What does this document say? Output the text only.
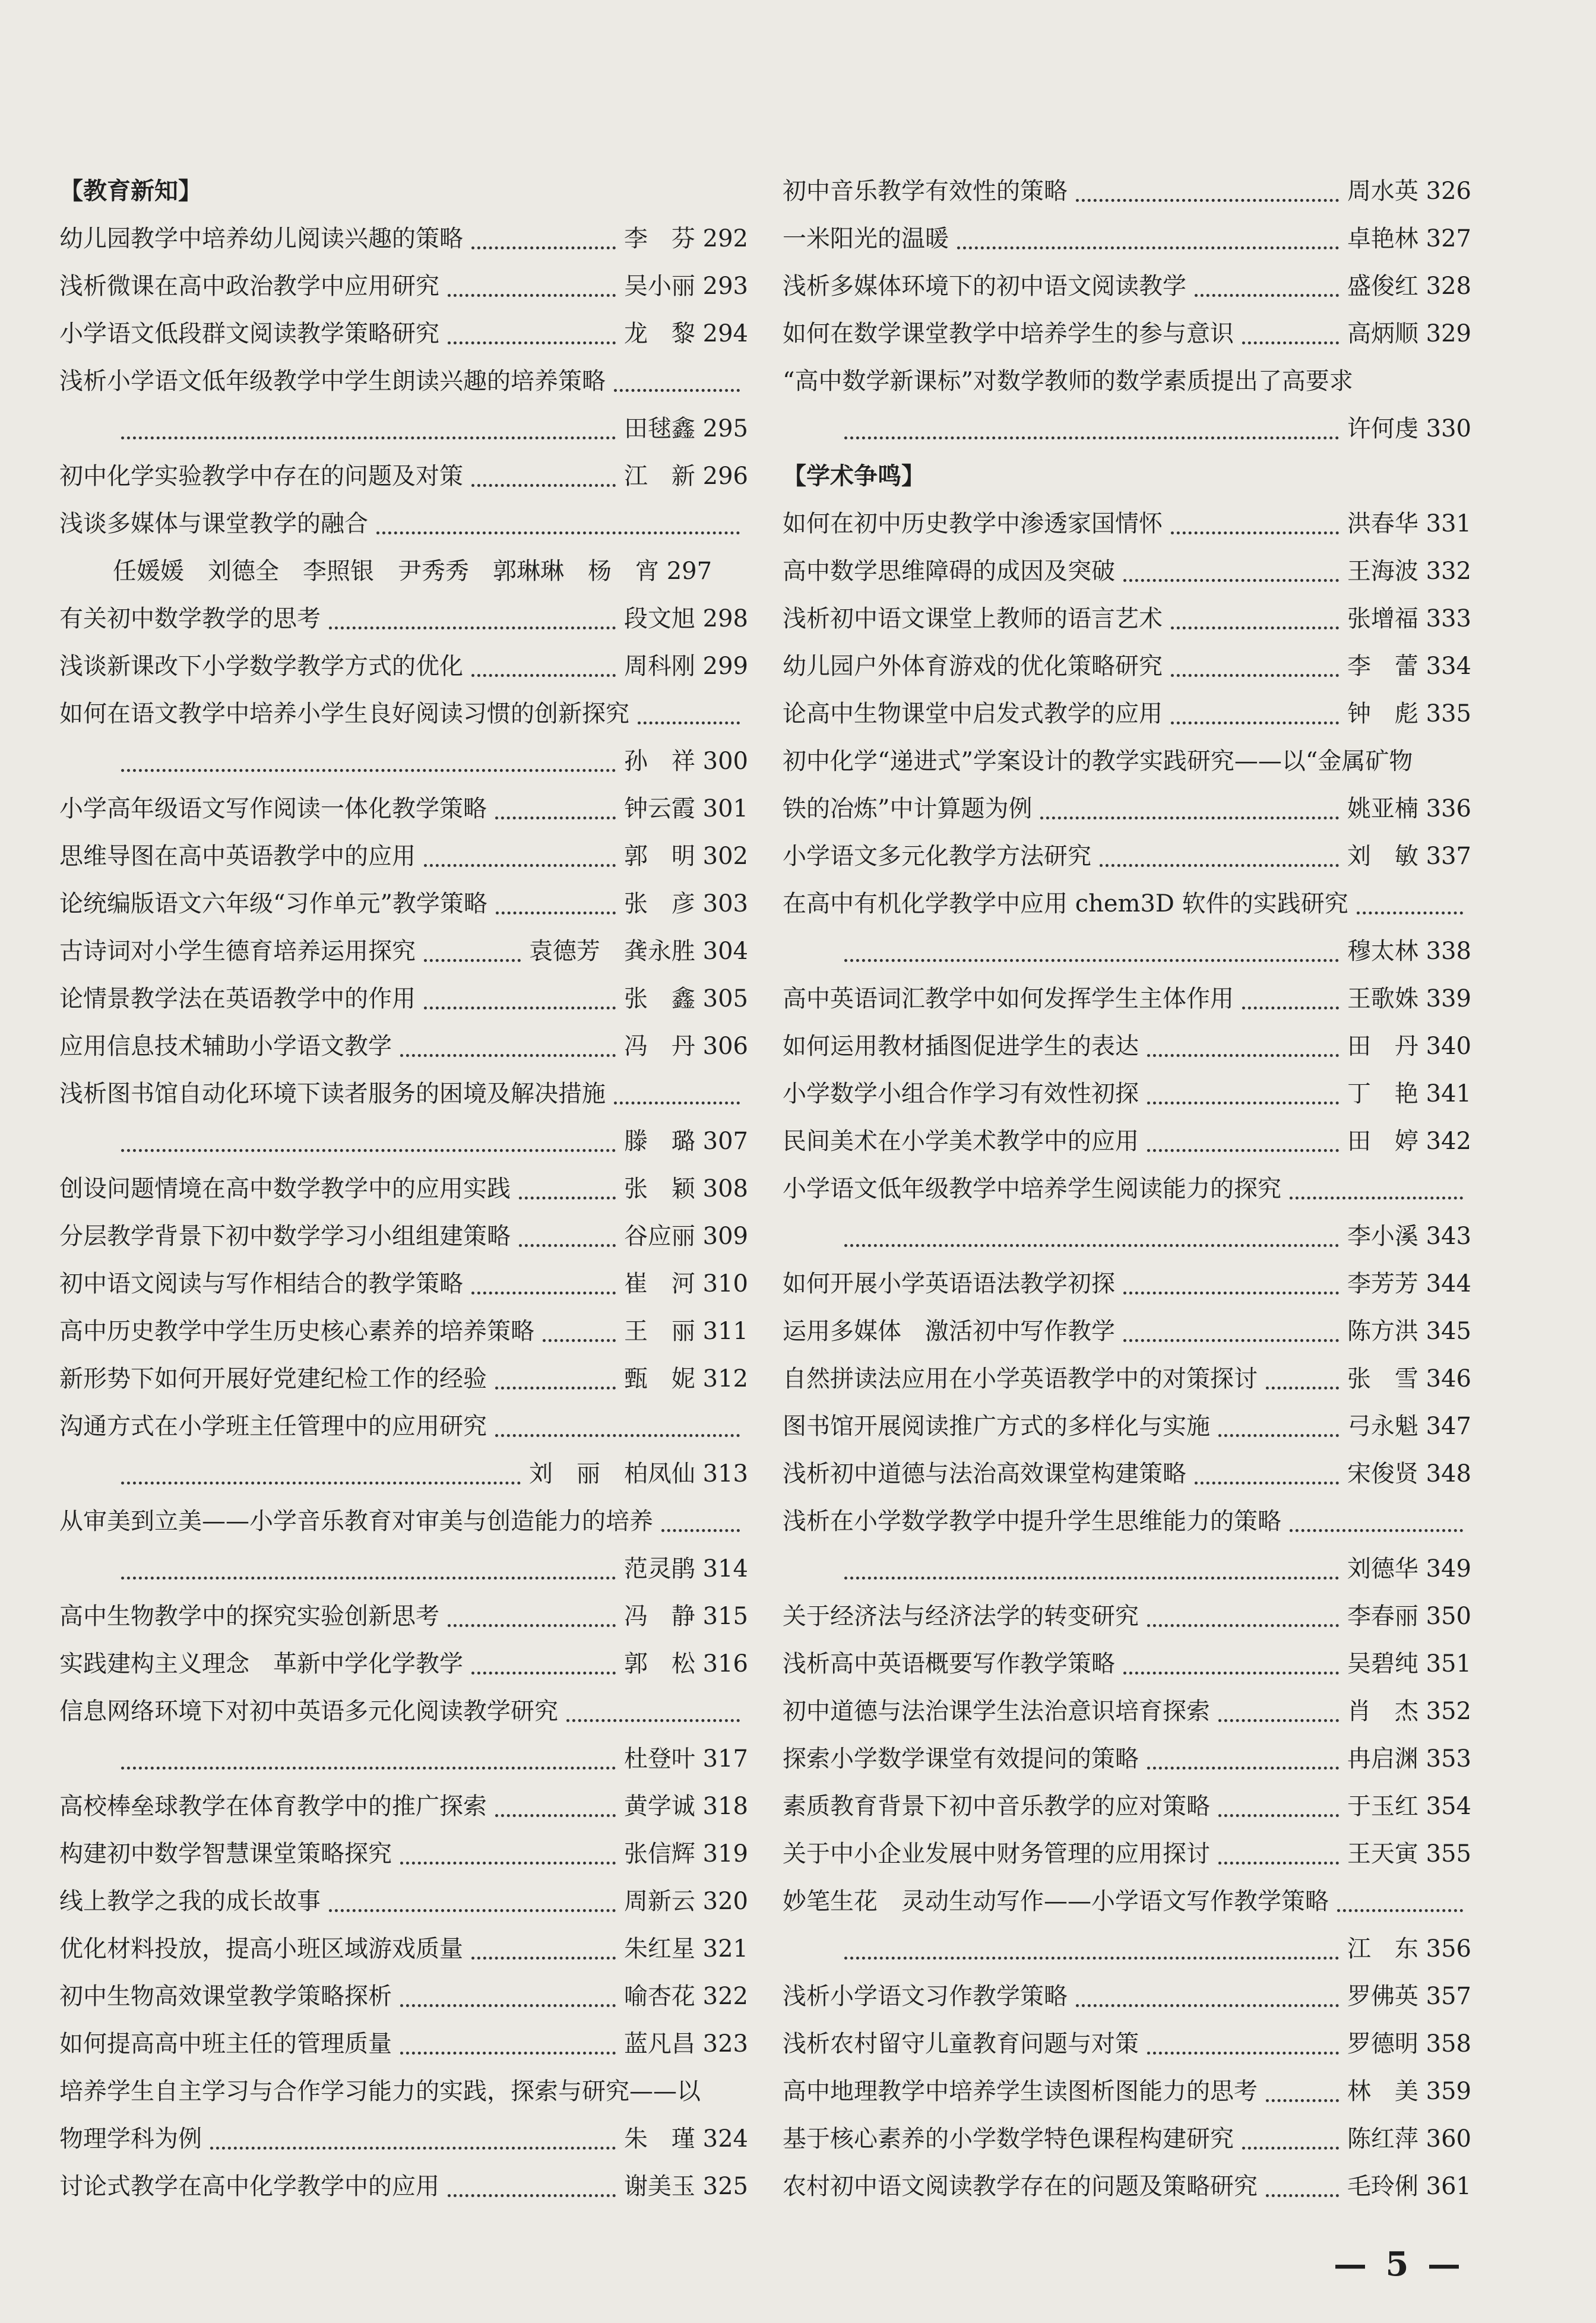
【教育新知】
幼儿园教学中培养幼儿阅读兴趣的策略	李　芬 292
浅析微课在高中政治教学中应用研究	吴小丽 293
小学语文低段群文阅读教学策略研究	龙　黎 294
浅析小学语文低年级教学中学生朗读兴趣的培养策略
田毬鑫 295
初中化学实验教学中存在的问题及对策	江　新 296
浅谈多媒体与课堂教学的融合
任媛媛　刘德全　李照银　尹秀秀　郭琳琳　杨　宵 297
有关初中数学教学的思考	段文旭 298
浅谈新课改下小学数学教学方式的优化	周科刚 299
如何在语文教学中培养小学生良好阅读习惯的创新探究
孙　祥 300
小学高年级语文写作阅读一体化教学策略	钟云霞 301
思维导图在高中英语教学中的应用	郭　明 302
论统编版语文六年级“习作单元”教学策略	张　彦 303
古诗词对小学生德育培养运用探究	袁德芳　龚永胜 304
论情景教学法在英语教学中的作用	张　鑫 305
应用信息技术辅助小学语文教学	冯　丹 306
浅析图书馆自动化环境下读者服务的困境及解决措施
滕　璐 307
创设问题情境在高中数学教学中的应用实践	张　颖 308
分层教学背景下初中数学学习小组组建策略	谷应丽 309
初中语文阅读与写作相结合的教学策略	崔　河 310
高中历史教学中学生历史核心素养的培养策略	王　丽 311
新形势下如何开展好党建纪检工作的经验	甄　妮 312
沟通方式在小学班主任管理中的应用研究
刘　丽　柏凤仙 313
从审美到立美——小学音乐教育对审美与创造能力的培养
范灵鹃 314
高中生物教学中的探究实验创新思考	冯　静 315
实践建构主义理念　革新中学化学教学	郭　松 316
信息网络环境下对初中英语多元化阅读教学研究
杜登叶 317
高校棒垒球教学在体育教学中的推广探索	黄学诚 318
构建初中数学智慧课堂策略探究	张信辉 319
线上教学之我的成长故事	周新云 320
优化材料投放，提高小班区域游戏质量	朱红星 321
初中生物高效课堂教学策略探析	喻杏花 322
如何提高高中班主任的管理质量	蓝凡昌 323
培养学生自主学习与合作学习能力的实践，探索与研究——以
物理学科为例	朱　瑾 324
讨论式教学在高中化学教学中的应用	谢美玉 325
初中音乐教学有效性的策略	周水英 326
一米阳光的温暖	卓艳林 327
浅析多媒体环境下的初中语文阅读教学	盛俊红 328
如何在数学课堂教学中培养学生的参与意识	高炳顺 329
“高中数学新课标”对数学教师的数学素质提出了高要求
许何虔 330
【学术争鸣】
如何在初中历史教学中渗透家国情怀	洪春华 331
高中数学思维障碍的成因及突破	王海波 332
浅析初中语文课堂上教师的语言艺术	张增福 333
幼儿园户外体育游戏的优化策略研究	李　蕾 334
论高中生物课堂中启发式教学的应用	钟　彪 335
初中化学“递进式”学案设计的教学实践研究——以“金属矿物
铁的冶炼”中计算题为例	姚亚楠 336
小学语文多元化教学方法研究	刘　敏 337
在高中有机化学教学中应用 chem3D 软件的实践研究
穆太林 338
高中英语词汇教学中如何发挥学生主体作用	王歌姝 339
如何运用教材插图促进学生的表达	田　丹 340
小学数学小组合作学习有效性初探	丁　艳 341
民间美术在小学美术教学中的应用	田　婷 342
小学语文低年级教学中培养学生阅读能力的探究
李小溪 343
如何开展小学英语语法教学初探	李芳芳 344
运用多媒体　激活初中写作教学	陈方洪 345
自然拼读法应用在小学英语教学中的对策探讨	张　雪 346
图书馆开展阅读推广方式的多样化与实施	弓永魁 347
浅析初中道德与法治高效课堂构建策略	宋俊贤 348
浅析在小学数学教学中提升学生思维能力的策略
刘德华 349
关于经济法与经济法学的转变研究	李春丽 350
浅析高中英语概要写作教学策略	吴碧纯 351
初中道德与法治课学生法治意识培育探索	肖　杰 352
探索小学数学课堂有效提问的策略	冉启渊 353
素质教育背景下初中音乐教学的应对策略	于玉红 354
关于中小企业发展中财务管理的应用探讨	王天寅 355
妙笔生花　灵动生动写作——小学语文写作教学策略
江　东 356
浅析小学语文习作教学策略	罗佛英 357
浅析农村留守儿童教育问题与对策	罗德明 358
高中地理教学中培养学生读图析图能力的思考	林　美 359
基于核心素养的小学数学特色课程构建研究	陈红萍 360
农村初中语文阅读教学存在的问题及策略研究	毛玲俐 361
— 5 —
